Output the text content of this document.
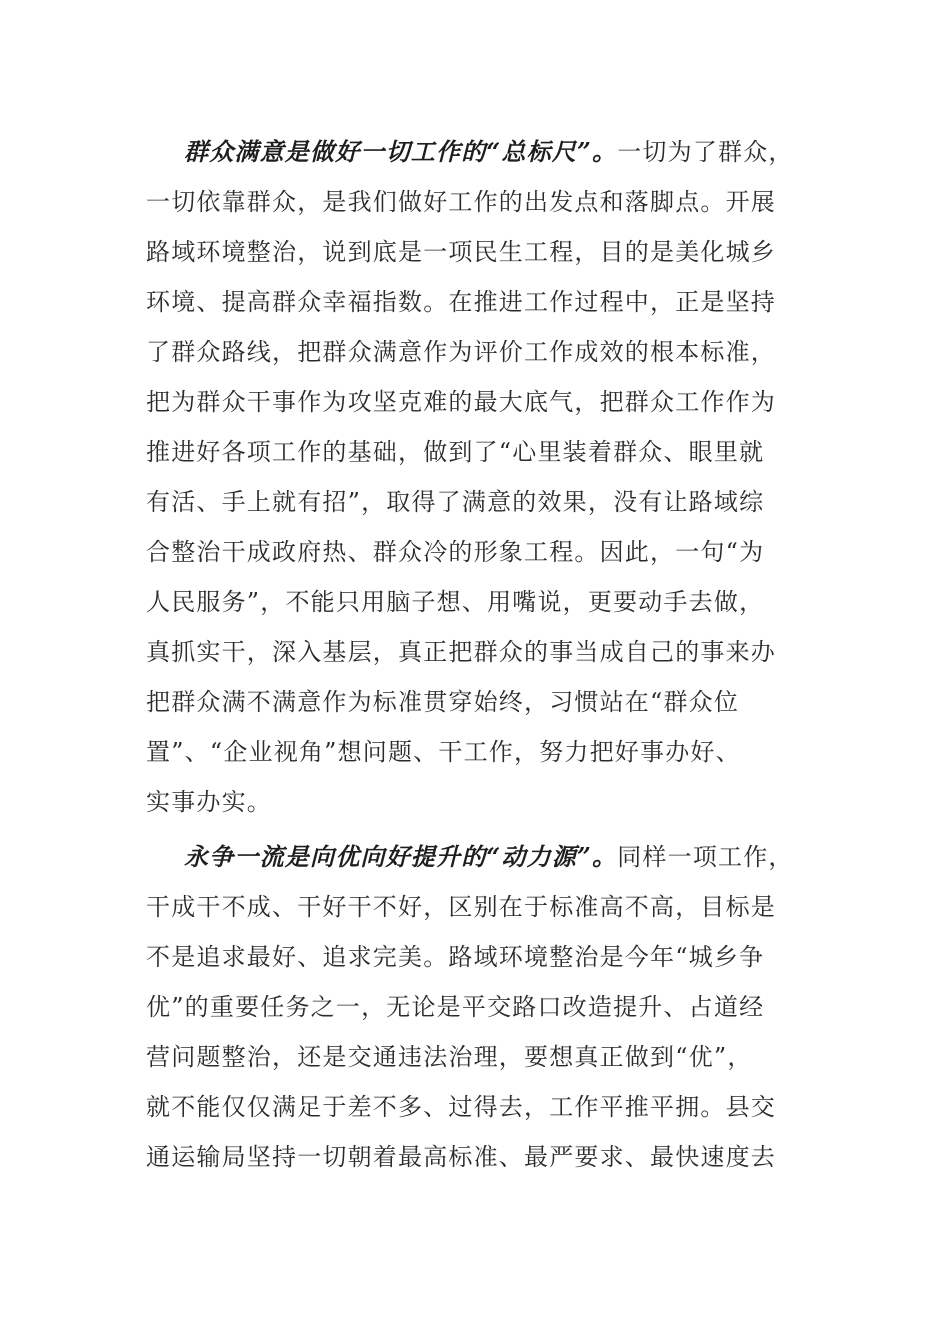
群众满意是做好一切工作的“总标尺”。一切为了群众，
一切依靠群众，是我们做好工作的出发点和落脚点。开展
路域环境整治，说到底是一项民生工程，目的是美化城乡
环境、提高群众幸福指数。在推进工作过程中，正是坚持
了群众路线，把群众满意作为评价工作成效的根本标准，
把为群众干事作为攻坚克难的最大底气，把群众工作作为
推进好各项工作的基础，做到了“心里装着群众、眼里就
有活、手上就有招”，取得了满意的效果，没有让路域综
合整治干成政府热、群众冷的形象工程。因此，一句“为
人民服务”，不能只用脑子想、用嘴说，更要动手去做，
真抓实干，深入基层，真正把群众的事当成自己的事来办
把群众满不满意作为标准贯穿始终，习惯站在“群众位
置”、“企业视角”想问题、干工作，努力把好事办好、
实事办实。
永争一流是向优向好提升的“动力源”。同样一项工作，
干成干不成、干好干不好，区别在于标准高不高，目标是
不是追求最好、追求完美。路域环境整治是今年“城乡争
优”的重要任务之一，无论是平交路口改造提升、占道经
营问题整治，还是交通违法治理，要想真正做到“优”，
就不能仅仅满足于差不多、过得去，工作平推平拥。县交
通运输局坚持一切朝着最高标准、最严要求、最快速度去
